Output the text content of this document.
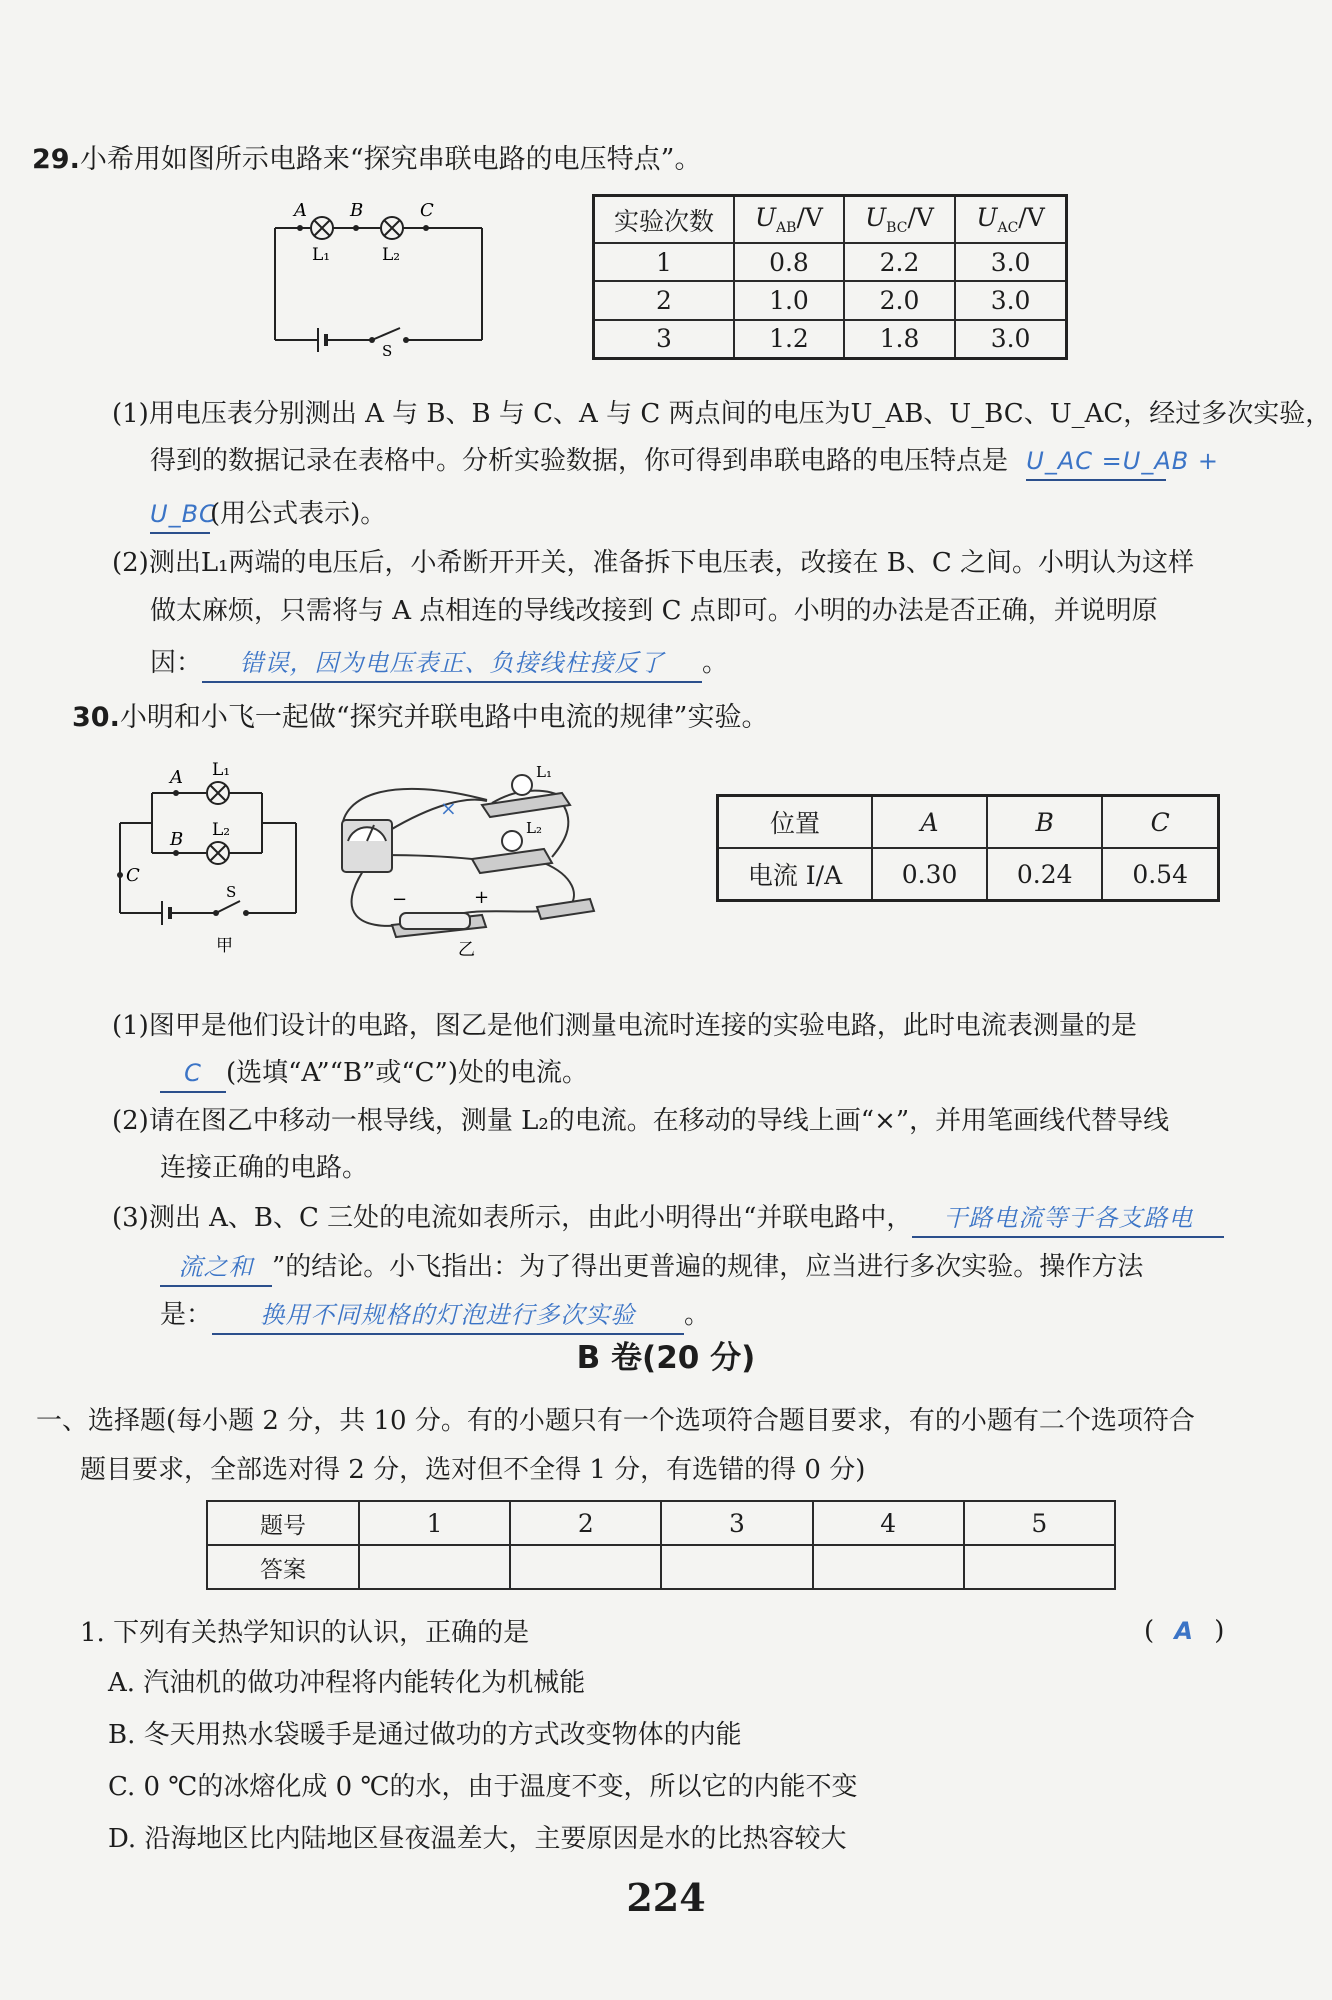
29.小希用如图所示电路来“探究串联电路的电压特点”。
A B	C
L₁	L₂
S
实验次数	$U_{AB}/V$	$U_{BC}/V$	$U_{AC}/V$
1	0.8	2.2	3.0
2	1.0	2.0	3.0
3	1.2	1.8	3.0
(1)用电压表分别测出 A 与 B、B 与 C、A 与 C 两点间的电压为U_AB、U_BC、U_AC，经过多次实验，
得到的数据记录在表格中。分析实验数据，你可得到串联电路的电压特点是 U_AC =U_AB +
U_BC(用公式表示)。
(2)测出L₁两端的电压后，小希断开开关，准备拆下电压表，改接在 B、C 之间。小明认为这样
做太麻烦，只需将与 A 点相连的导线改接到 C 点即可。小明的办法是否正确，并说明原
因： 错误，因为电压表正、负接线柱接反了 。
30.小明和小飞一起做“探究并联电路中电流的规律”实验。
A
B
C
L₁
L₂
S
甲
×
L₁
L₂
−	+
乙
位置	A	B	C
电流 I/A	0.30	0.24	0.54
(1)图甲是他们设计的电路，图乙是他们测量电流时连接的实验电路，此时电流表测量的是
C (选填“A”“B”或“C”)处的电流。
(2)请在图乙中移动一根导线，测量 L₂的电流。在移动的导线上画“×”，并用笔画线代替导线
连接正确的电路。
(3)测出 A、B、C 三处的电流如表所示，由此小明得出“并联电路中， 干路电流等于各支路电
流之和 ”的结论。小飞指出：为了得出更普遍的规律，应当进行多次实验。操作方法
是： 换用不同规格的灯泡进行多次实验 。
B 卷(20 分)
一、选择题(每小题 2 分，共 10 分。有的小题只有一个选项符合题目要求，有的小题有二个选项符合
题目要求，全部选对得 2 分，选对但不全得 1 分，有选错的得 0 分)
题号	1	2	3	4	5
答案					
1. 下列有关热学知识的认识，正确的是	( A )
A. 汽油机的做功冲程将内能转化为机械能
B. 冬天用热水袋暖手是通过做功的方式改变物体的内能
C. 0 ℃的冰熔化成 0 ℃的水，由于温度不变，所以它的内能不变
D. 沿海地区比内陆地区昼夜温差大，主要原因是水的比热容较大
224
